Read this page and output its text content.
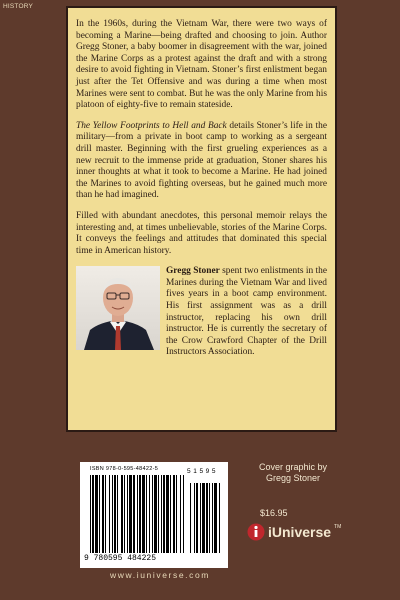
HISTORY

In the 1960s, during the Vietnam War, there were two ways of becoming a Marine—being drafted and choosing to join. Author Gregg Stoner, a baby boomer in disagreement with the war, joined the Marine Corps as a protest against the draft and with a strong desire to avoid fighting in Vietnam. Stoner’s first enlistment began just after the Tet Offensive and was during a time when most Marines were sent to combat. But he was the only Marine from his platoon of eighty-five to remain stateside.

The Yellow Footprints to Hell and Back details Stoner’s life in the military—from a private in boot camp to working as a sergeant drill master. Beginning with the first grueling experiences as a new recruit to the immense pride at graduation, Stoner shares his inner thoughts at what it took to become a Marine. He had joined the Marines to avoid fighting overseas, but he gained much more than he had imagined.

Filled with abundant anecdotes, this personal memoir relays the interesting and, at times unbelievable, stories of the Marine Corps. It conveys the feelings and attitudes that dominated this special time in American history.

Gregg Stoner spent two enlistments in the Marines during the Vietnam War and lived fives years in a boot camp environment. His first assignment was as a drill instructor, replacing his own drill instructor. He is currently the secretary of the Crow Crawford Chapter of the Drill Instructors Association.

ISBN 978-0-595-48422-5	5 1 5 9 5
9 780595 484225
www.iuniverse.com
Cover graphic by
Gregg Stoner
$16.95
iUniverse TM
